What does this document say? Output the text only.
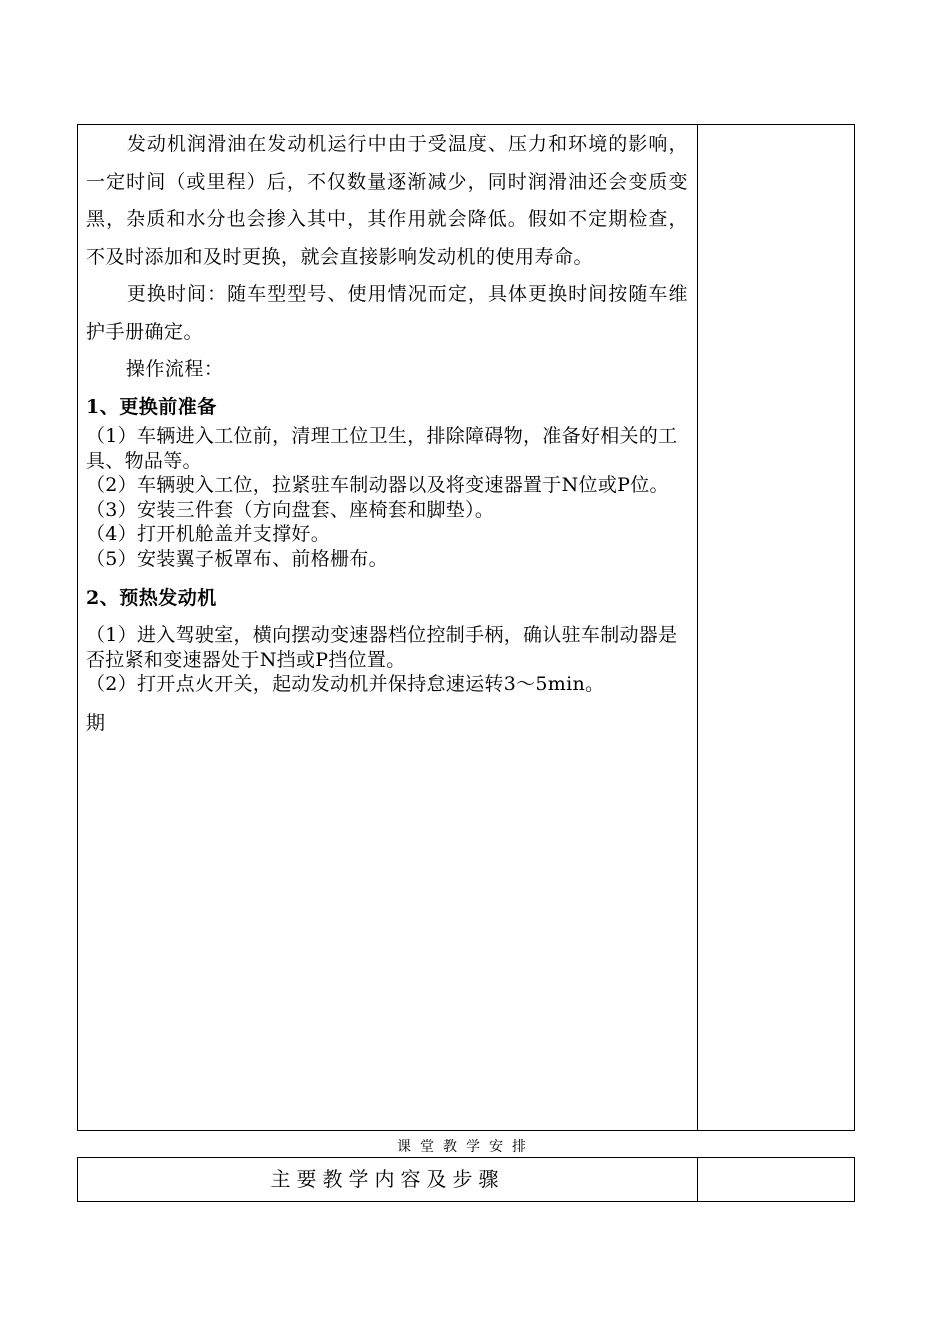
发动机润滑油在发动机运行中由于受温度、压力和环境的影响，一定时间（或里程）后，不仅数量逐渐减少，同时润滑油还会变质变黑，杂质和水分也会掺入其中，其作用就会降低。假如不定期检查，不及时添加和及时更换，就会直接影响发动机的使用寿命。

更换时间：随车型型号、使用情况而定，具体更换时间按随车维护手册确定。

操作流程：

1、更换前准备

（1）车辆进入工位前，清理工位卫生，排除障碍物，准备好相关的工具、物品等。

（2）车辆驶入工位，拉紧驻车制动器以及将变速器置于N位或P位。

（3）安装三件套（方向盘套、座椅套和脚垫）。

（4）打开机舱盖并支撑好。

（5）安装翼子板罩布、前格栅布。

2、预热发动机

（1）进入驾驶室，横向摆动变速器档位控制手柄，确认驻车制动器是否拉紧和变速器处于N挡或P挡位置。

（2）打开点火开关，起动发动机并保持怠速运转3～5min。

期

课堂教学安排
主要教学内容及步骤
